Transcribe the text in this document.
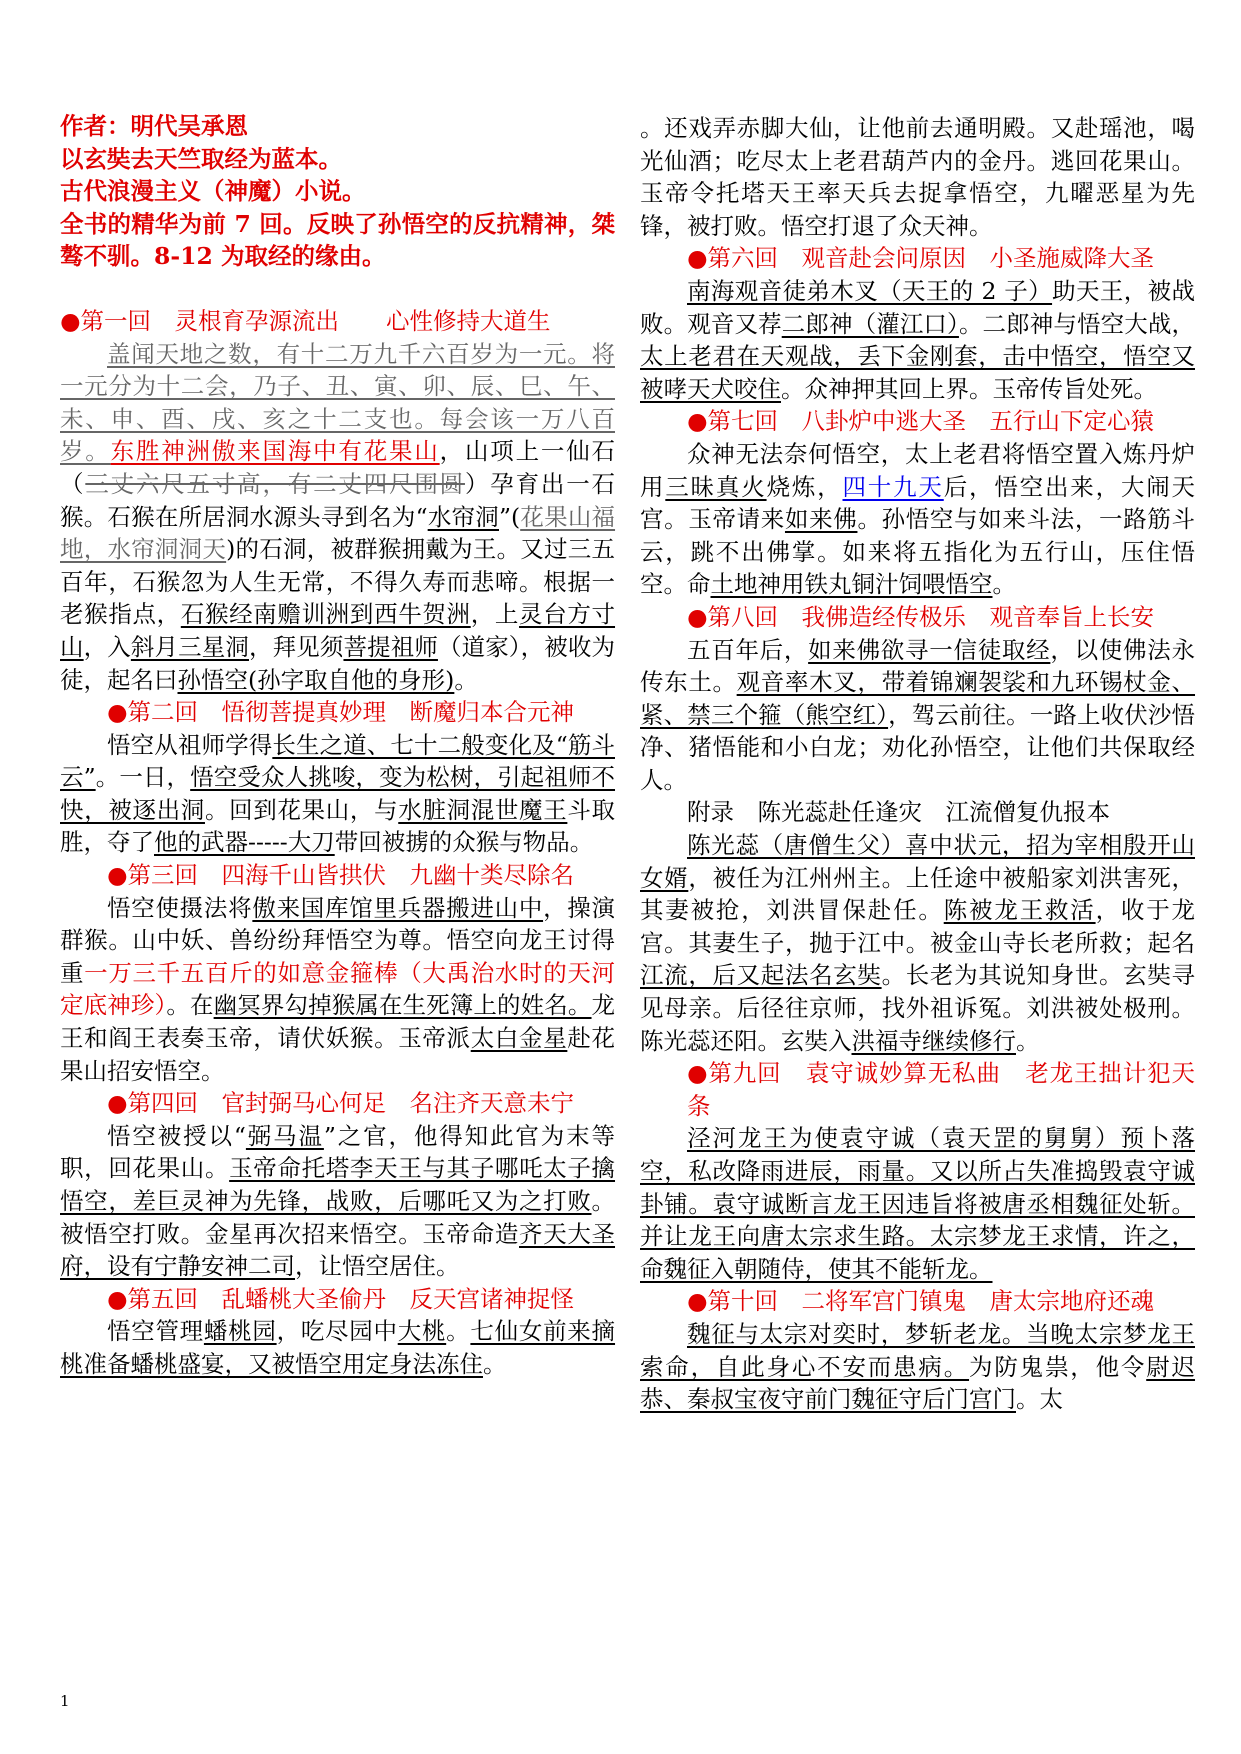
作者：明代吴承恩

以玄奘去天竺取经为蓝本。

古代浪漫主义（神魔）小说。

全书的精华为前 7 回。反映了孙悟空的反抗精神，桀骜不驯。8-12 为取经的缘由。

●第一回　灵根育孕源流出　　心性修持大道生

盖闻天地之数，有十二万九千六百岁为一元。将一元分为十二会，乃子、丑、寅、卯、辰、巳、午、未、申、酉、戌、亥之十二支也。每会该一万八百岁。东胜神洲傲来国海中有花果山，山项上一仙石（三丈六尺五寸高，有二丈四尺围圆）孕育出一石猴。石猴在所居洞水源头寻到名为“水帘洞”(花果山福地，水帘洞洞天)的石洞，被群猴拥戴为王。又过三五百年，石猴忽为人生无常，不得久寿而悲啼。根据一老猴指点，石猴经南赡训洲到西牛贺洲，上灵台方寸山，入斜月三星洞，拜见须菩提祖师（道家），被收为徒，起名曰孙悟空(孙字取自他的身形)。

●第二回　悟彻菩提真妙理　断魔归本合元神

悟空从祖师学得长生之道、七十二般变化及“筋斗云”。一日，悟空受众人挑唆，变为松树，引起祖师不快，被逐出洞。回到花果山，与水脏洞混世魔王斗取胜，夺了他的武器-----大刀带回被掳的众猴与物品。

●第三回　四海千山皆拱伏　九幽十类尽除名

悟空使摄法将傲来国库馆里兵器搬进山中，操演群猴。山中妖、兽纷纷拜悟空为尊。悟空向龙王讨得重一万三千五百斤的如意金箍棒（大禹治水时的天河定底神珍）。在幽冥界勾掉猴属在生死簿上的姓名。龙王和阎王表奏玉帝，请伏妖猴。玉帝派太白金星赴花果山招安悟空。

●第四回　官封弼马心何足　名注齐天意未宁

悟空被授以“弼马温”之官，他得知此官为末等职，回花果山。玉帝命托塔李天王与其子哪吒太子擒悟空，差巨灵神为先锋，战败，后哪吒又为之打败。被悟空打败。金星再次招来悟空。玉帝命造齐天大圣府，设有宁静安神二司，让悟空居住。

●第五回　乱蟠桃大圣偷丹　反天宫诸神捉怪

悟空管理蟠桃园，吃尽园中大桃。七仙女前来摘桃准备蟠桃盛宴，又被悟空用定身法冻住。

。还戏弄赤脚大仙，让他前去通明殿。又赴瑶池，喝光仙酒；吃尽太上老君葫芦内的金丹。逃回花果山。玉帝令托塔天王率天兵去捉拿悟空，九曜恶星为先锋，被打败。悟空打退了众天神。

●第六回　观音赴会问原因　小圣施威降大圣

南海观音徒弟木叉（天王的 2 子）助天王，被战败。观音又荐二郎神（灌江口）。二郎神与悟空大战，太上老君在天观战，丢下金刚套，击中悟空，悟空又被哮天犬咬住。众神押其回上界。玉帝传旨处死。

●第七回　八卦炉中逃大圣　五行山下定心猿

众神无法奈何悟空，太上老君将悟空置入炼丹炉用三昧真火烧炼，四十九天后，悟空出来，大闹天宫。玉帝请来如来佛。孙悟空与如来斗法，一路筋斗云，跳不出佛掌。如来将五指化为五行山，压住悟空。命土地神用铁丸铜汁饲喂悟空。

●第八回　我佛造经传极乐　观音奉旨上长安

五百年后，如来佛欲寻一信徒取经，以使佛法永传东土。观音率木叉，带着锦斓袈裟和九环锡杖金、紧、禁三个箍（熊空红），驾云前往。一路上收伏沙悟净、猪悟能和小白龙；劝化孙悟空，让他们共保取经人。

附录　陈光蕊赴任逢灾　江流僧复仇报本

陈光蕊（唐僧生父）喜中状元，招为宰相殷开山女婿，被任为江州州主。上任途中被船家刘洪害死，其妻被抢，刘洪冒保赴任。陈被龙王救活，收于龙宫。其妻生子，抛于江中。被金山寺长老所救；起名江流，后又起法名玄奘。长老为其说知身世。玄奘寻见母亲。后径往京师，找外祖诉冤。刘洪被处极刑。陈光蕊还阳。玄奘入洪福寺继续修行。

●第九回　袁守诚妙算无私曲　老龙王拙计犯天条

泾河龙王为使袁守诚（袁天罡的舅舅）预卜落空，私改降雨进辰，雨量。又以所占失准捣毁袁守诚卦铺。袁守诚断言龙王因违旨将被唐丞相魏征处斩。并让龙王向唐太宗求生路。太宗梦龙王求情，许之，命魏征入朝随侍，使其不能斩龙。

●第十回　二将军宫门镇鬼　唐太宗地府还魂

魏征与太宗对奕时，梦斩老龙。当晚太宗梦龙王索命，自此身心不安而患病。为防鬼祟，他令尉迟恭、秦叔宝夜守前门魏征守后门宫门。太

1
